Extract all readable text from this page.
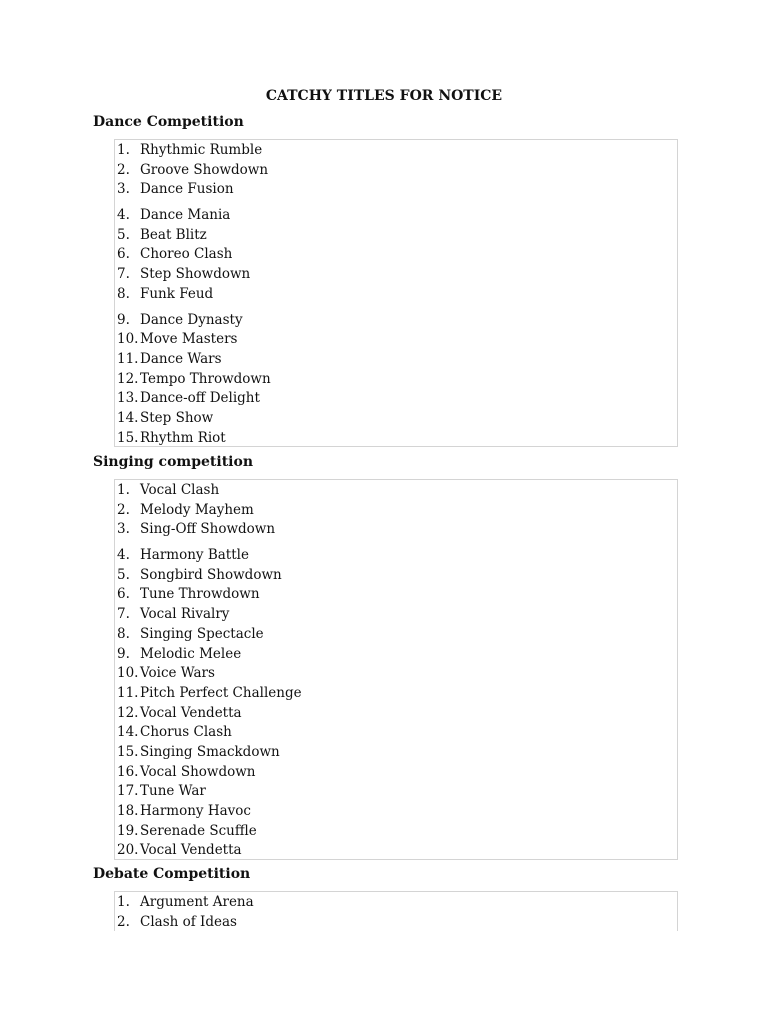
CATCHY TITLES FOR NOTICE
Dance Competition
1. Rhythmic Rumble
2. Groove Showdown
3. Dance Fusion
4. Dance Mania
5. Beat Blitz
6. Choreo Clash
7. Step Showdown
8. Funk Feud
9. Dance Dynasty
10. Move Masters
11. Dance Wars
12. Tempo Throwdown
13. Dance-off Delight
14. Step Show
15. Rhythm Riot
Singing competition
1. Vocal Clash
2. Melody Mayhem
3. Sing-Off Showdown
4. Harmony Battle
5. Songbird Showdown
6. Tune Throwdown
7. Vocal Rivalry
8. Singing Spectacle
9. Melodic Melee
10. Voice Wars
11. Pitch Perfect Challenge
12. Vocal Vendetta
14. Chorus Clash
15. Singing Smackdown
16. Vocal Showdown
17. Tune War
18. Harmony Havoc
19. Serenade Scuffle
20. Vocal Vendetta
Debate Competition
1. Argument Arena
2. Clash of Ideas
